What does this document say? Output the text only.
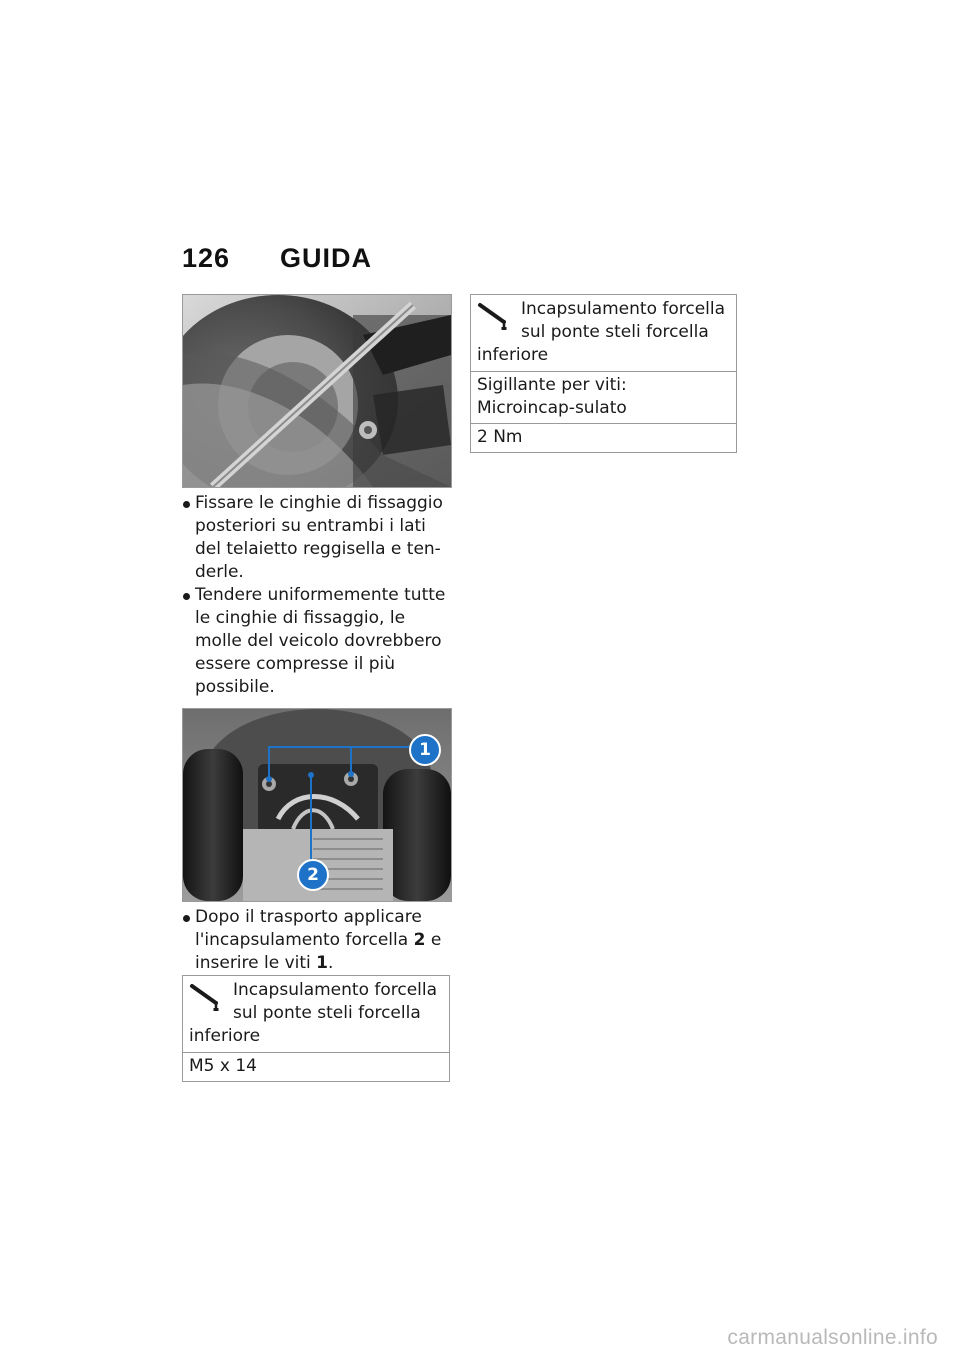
126 GUIDA
Fissare le cinghie di fissaggio posteriori su entrambi i lati del telaietto reggisella e ten-derle.
Tendere uniformemente tutte le cinghie di fissaggio, le molle del veicolo dovrebbero essere compresse il più possibile.
1
2
Dopo il trasporto applicare l'incapsulamento forcella 2 e inserire le viti 1.
Incapsulamento forcella
sul ponte steli forcella
inferiore
M5 x 14
Incapsulamento forcella
sul ponte steli forcella
inferiore
Sigillante per viti: Microincap-sulato
2 Nm
carmanualsonline.info
